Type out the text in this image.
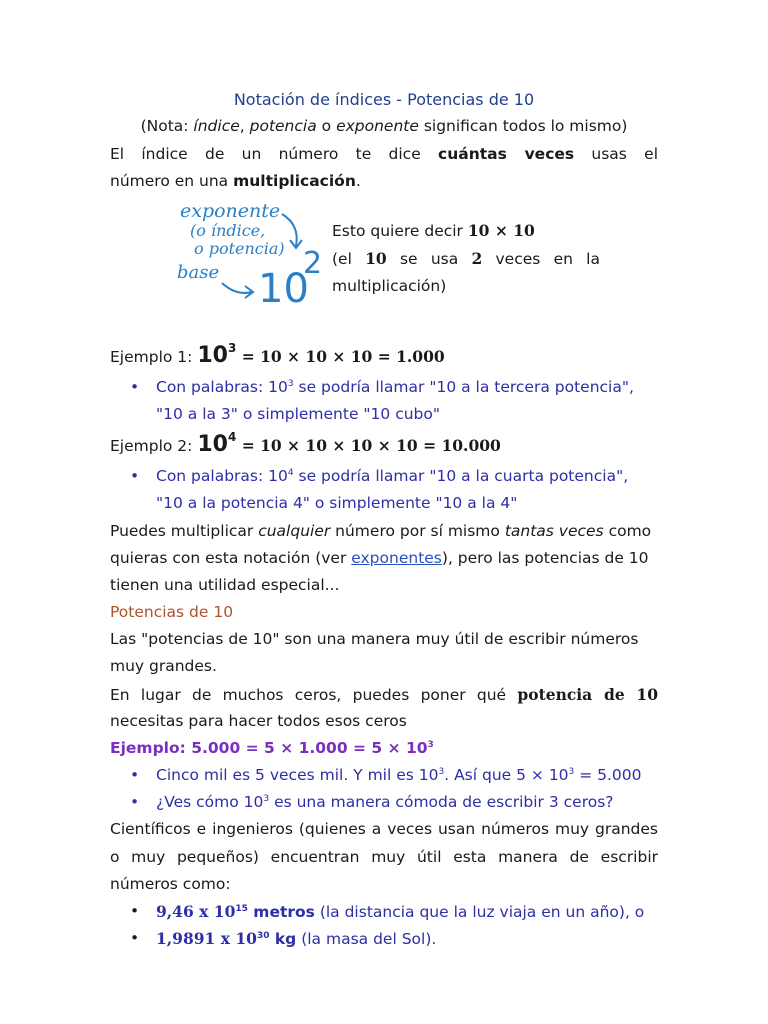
Notación de índices - Potencias de 10
(Nota: índice, potencia o exponente significan todos lo mismo)
El índice de un número te dice cuántas veces usas el
número en una multiplicación.
exponente
(o índice,
o potencia)
base 10
2
Esto quiere decir 10 × 10
(el 10 se usa 2 veces en la
multiplicación)
Ejemplo 1: $10^3 = 10 \times 10 \times 10 = 1.000$
• Con palabras: $10^3$ se podría llamar "10 a la tercera potencia",
"10 a la 3" o simplemente "10 cubo"
Ejemplo 2: $10^4 = 10 \times 10 \times 10 \times 10 = 10.000$
• Con palabras: $10^4$ se podría llamar "10 a la cuarta potencia",
"10 a la potencia 4" o simplemente "10 a la 4"
Puedes multiplicar cualquier número por sí mismo tantas veces como
quieras con esta notación (ver exponentes), pero las potencias de 10
tienen una utilidad especial...
Potencias de 10
Las "potencias de 10" son una manera muy útil de escribir números
muy grandes.
En lugar de muchos ceros, puedes poner qué potencia de 10
necesitas para hacer todos esos ceros
Ejemplo: $5.000 = 5 \times 1.000 = 5 \times 10^3$
• Cinco mil es 5 veces mil. Y mil es $10^3$. Así que $5 \times 10^3 = 5.000$
• ¿Ves cómo $10^3$ es una manera cómoda de escribir 3 ceros?
Científicos e ingenieros (quienes a veces usan números muy grandes
o muy pequeños) encuentran muy útil esta manera de escribir
números como:
• 9,46 x $10^{15}$ metros (la distancia que la luz viaja en un año), o
• 1,9891 x $10^{30}$ kg (la masa del Sol).
